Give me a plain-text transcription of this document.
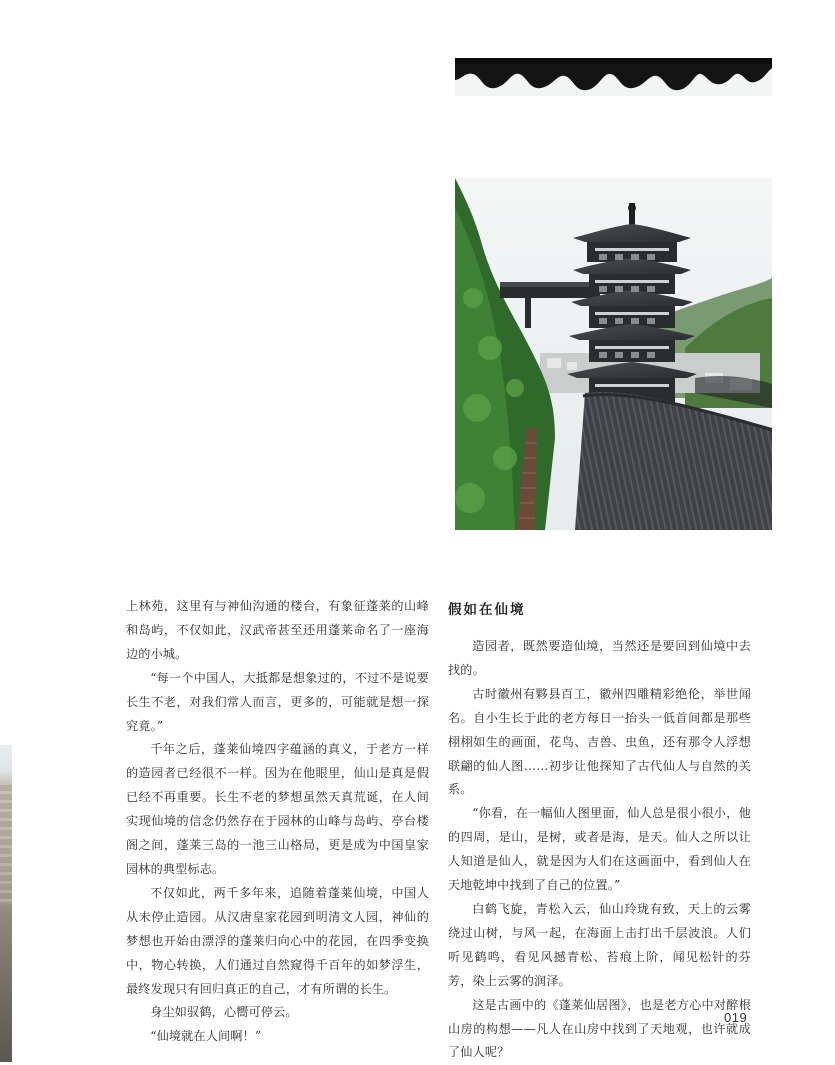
上林苑，这里有与神仙沟通的楼台，有象征蓬莱的山峰和岛屿，不仅如此，汉武帝甚至还用蓬莱命名了一座海边的小城。

“每一个中国人，大抵都是想象过的，不过不是说要长生不老，对我们常人而言，更多的，可能就是想一探究竟。”

千年之后，蓬莱仙境四字蕴涵的真义，于老方一样的造园者已经很不一样。因为在他眼里，仙山是真是假已经不再重要。长生不老的梦想虽然天真荒诞，在人间实现仙境的信念仍然存在于园林的山峰与岛屿、亭台楼阁之间，蓬莱三岛的一池三山格局，更是成为中国皇家园林的典型标志。

不仅如此，两千多年来，追随着蓬莱仙境，中国人从未停止造园。从汉唐皇家花园到明清文人园，神仙的梦想也开始由漂浮的蓬莱归向心中的花园，在四季变换中，物心转换，人们通过自然窥得千百年的如梦浮生，最终发现只有回归真正的自己，才有所谓的长生。

身尘如驭鹤，心嚮可停云。

“仙境就在人间啊！”

假如在仙境

造园者，既然要造仙境，当然还是要回到仙境中去找的。

古时徽州有夥县百工，徽州四雕精彩绝伦，举世闻名。自小生长于此的老方每日一抬头一低首间都是那些栩栩如生的画面，花鸟、吉兽、虫鱼，还有那令人浮想联翩的仙人图……初步让他探知了古代仙人与自然的关系。

“你看，在一幅仙人图里面，仙人总是很小很小，他的四周，是山，是树，或者是海，是天。仙人之所以让人知道是仙人，就是因为人们在这画面中，看到仙人在天地乾坤中找到了自己的位置。”

白鹤飞旋，青松入云，仙山玲珑有致，天上的云雾绕过山树，与风一起，在海面上击打出千层波浪。人们听见鹤鸣，看见风撼青松、苔痕上阶，闻见松针的芬芳，染上云雾的润泽。

这是古画中的《蓬莱仙居图》，也是老方心中对醉根山房的构想——凡人在山房中找到了天地观，也许就成了仙人呢？

019
